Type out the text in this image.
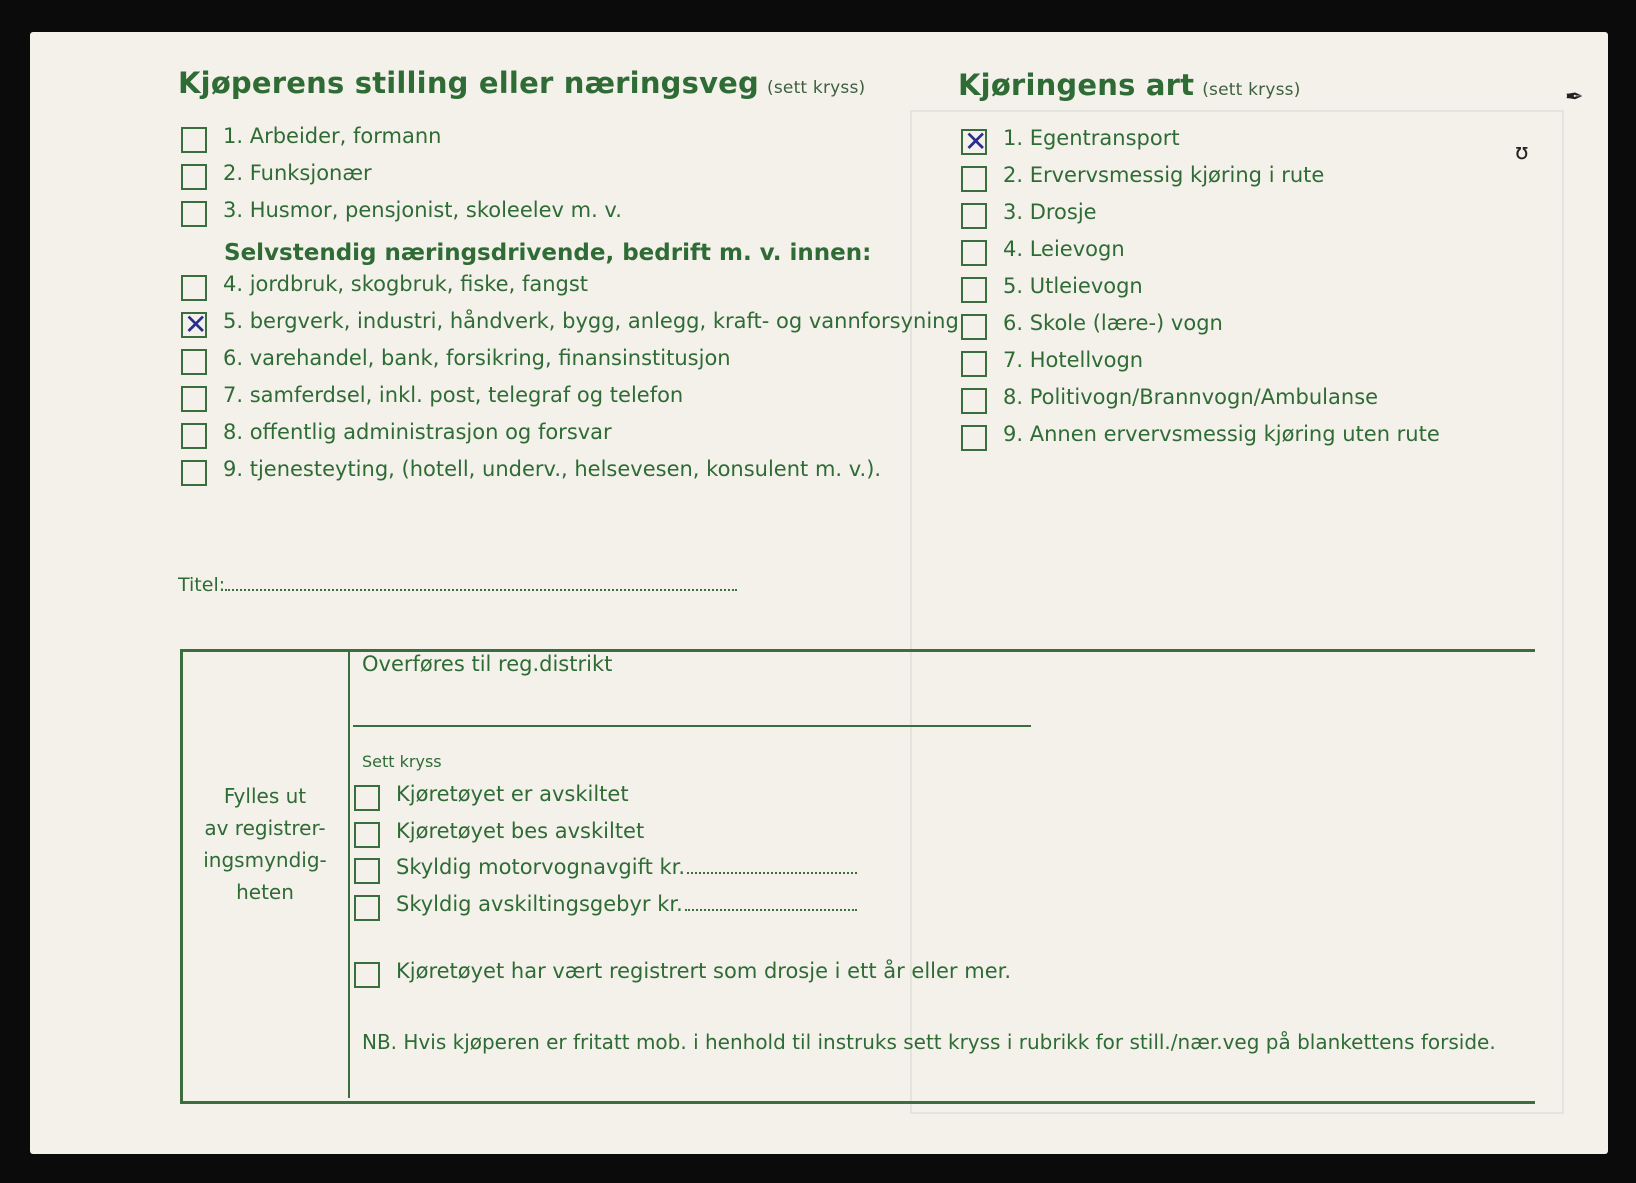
Kjøperens stilling eller næringsveg (sett kryss)
1. Arbeider, formann
2. Funksjonær
3. Husmor, pensjonist, skoleelev m. v.
Selvstendig næringsdrivende, bedrift m. v. innen:
4. jordbruk, skogbruk, fiske, fangst
✕ 5. bergverk, industri, håndverk, bygg, anlegg, kraft- og vannforsyning
6. varehandel, bank, forsikring, finansinstitusjon
7. samferdsel, inkl. post, telegraf og telefon
8. offentlig administrasjon og forsvar
9. tjenesteyting, (hotell, underv., helsevesen, konsulent m. v.).
Kjøringens art (sett kryss)
✕ 1. Egentransport
2. Ervervsmessig kjøring i rute
3. Drosje
4. Leievogn
5. Utleievogn
6. Skole (lære-) vogn
7. Hotellvogn
8. Politivogn/Brannvogn/Ambulanse
9. Annen ervervsmessig kjøring uten rute
Titel:
Fylles ut
av registrer-
ingsmyndig-
heten
Overføres til reg.distrikt
Sett kryss
Kjøretøyet er avskiltet
Kjøretøyet bes avskiltet
Skyldig motorvognavgift kr.
Skyldig avskiltingsgebyr kr.
Kjøretøyet har vært registrert som drosje i ett år eller mer.
NB. Hvis kjøperen er fritatt mob. i henhold til instruks sett kryss i rubrikk for still./nær.veg på blankettens forside.
✒
ʊ
